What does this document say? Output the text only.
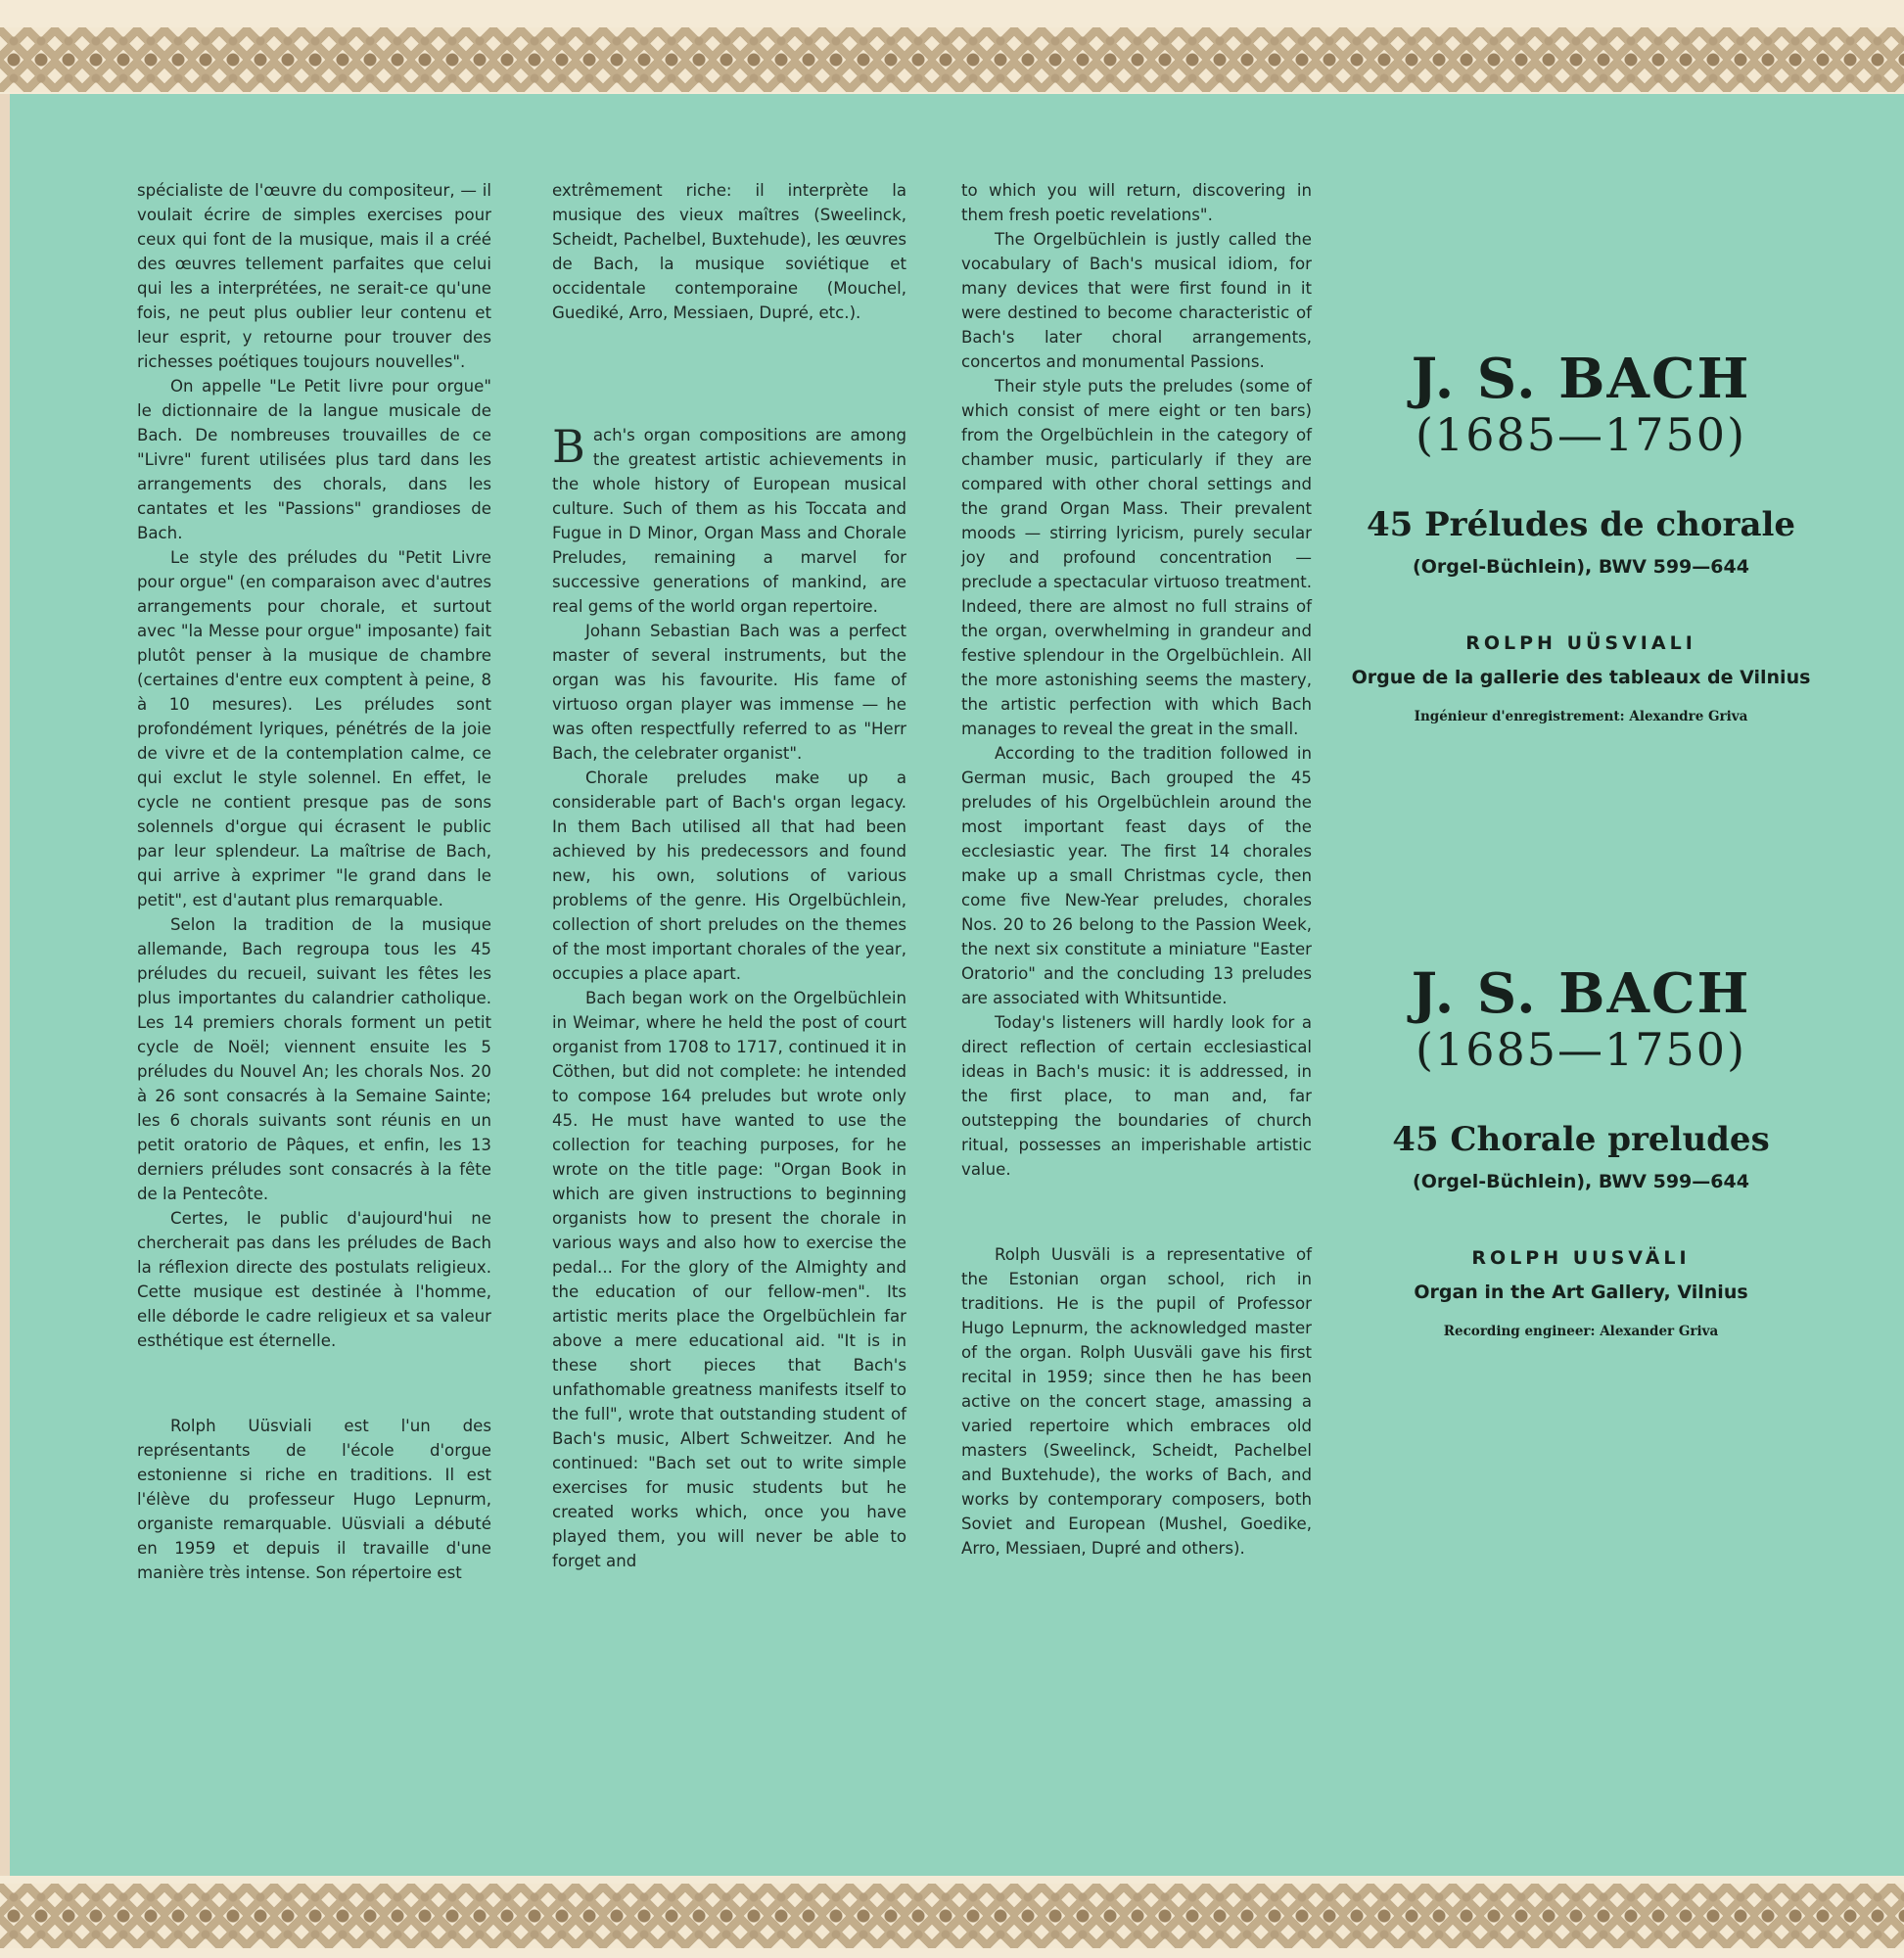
spécialiste de l'œuvre du compositeur, — il voulait écrire de simples exercises pour ceux qui font de la musique, mais il a créé des œuvres tellement parfaites que celui qui les a interprétées, ne serait-ce qu'une fois, ne peut plus oublier leur contenu et leur esprit, y retourne pour trouver des richesses poétiques toujours nouvelles".

On appelle "Le Petit livre pour orgue" le dictionnaire de la langue musicale de Bach. De nombreuses trouvailles de ce "Livre" furent utilisées plus tard dans les arrangements des chorals, dans les cantates et les "Passions" grandioses de Bach.

Le style des préludes du "Petit Livre pour orgue" (en comparaison avec d'autres arrangements pour chorale, et surtout avec "la Messe pour orgue" imposante) fait plutôt penser à la musique de chambre (certaines d'entre eux comptent à peine, 8 à 10 mesures). Les préludes sont profondément lyriques, pénétrés de la joie de vivre et de la contemplation calme, ce qui exclut le style solennel. En effet, le cycle ne contient presque pas de sons solennels d'orgue qui écrasent le public par leur splendeur. La maîtrise de Bach, qui arrive à exprimer "le grand dans le petit", est d'autant plus remarquable.

Selon la tradition de la musique allemande, Bach regroupa tous les 45 préludes du recueil, suivant les fêtes les plus importantes du calandrier catholique. Les 14 premiers chorals forment un petit cycle de Noël; viennent ensuite les 5 préludes du Nouvel An; les chorals Nos. 20 à 26 sont consacrés à la Semaine Sainte; les 6 chorals suivants sont réunis en un petit oratorio de Pâques, et enfin, les 13 derniers préludes sont consacrés à la fête de la Pentecôte.

Certes, le public d'aujourd'hui ne chercherait pas dans les préludes de Bach la réflexion directe des postulats religieux. Cette musique est destinée à l'homme, elle déborde le cadre religieux et sa valeur esthétique est éternelle.

Rolph Uüsviali est l'un des représentants de l'école d'orgue estonienne si riche en traditions. Il est l'élève du professeur Hugo Lepnurm, organiste remarquable. Uüsviali a débuté en 1959 et depuis il travaille d'une manière très intense. Son répertoire est

extrêmement riche: il interprète la musique des vieux maîtres (Sweelinck, Scheidt, Pachelbel, Buxtehude), les œuvres de Bach, la musique soviétique et occidentale contemporaine (Mouchel, Guediké, Arro, Messiaen, Dupré, etc.).

Bach's organ compositions are among the greatest artistic achievements in the whole history of European musical culture. Such of them as his Toccata and Fugue in D Minor, Organ Mass and Chorale Preludes, remaining a marvel for successive generations of mankind, are real gems of the world organ repertoire.

Johann Sebastian Bach was a perfect master of several instruments, but the organ was his favourite. His fame of virtuoso organ player was immense — he was often respectfully referred to as "Herr Bach, the celebrater organist".

Chorale preludes make up a considerable part of Bach's organ legacy. In them Bach utilised all that had been achieved by his predecessors and found new, his own, solutions of various problems of the genre. His Orgelbüchlein, collection of short preludes on the themes of the most important chorales of the year, occupies a place apart.

Bach began work on the Orgelbüchlein in Weimar, where he held the post of court organist from 1708 to 1717, continued it in Cöthen, but did not complete: he intended to compose 164 preludes but wrote only 45. He must have wanted to use the collection for teaching purposes, for he wrote on the title page: "Organ Book in which are given instructions to beginning organists how to present the chorale in various ways and also how to exercise the pedal... For the glory of the Almighty and the education of our fellow-men". Its artistic merits place the Orgelbüchlein far above a mere educational aid. "It is in these short pieces that Bach's unfathomable greatness manifests itself to the full", wrote that outstanding student of Bach's music, Albert Schweitzer. And he continued: "Bach set out to write simple exercises for music students but he created works which, once you have played them, you will never be able to forget and

to which you will return, discovering in them fresh poetic revelations".

The Orgelbüchlein is justly called the vocabulary of Bach's musical idiom, for many devices that were first found in it were destined to become characteristic of Bach's later choral arrangements, concertos and monumental Passions.

Their style puts the preludes (some of which consist of mere eight or ten bars) from the Orgelbüchlein in the category of chamber music, particularly if they are compared with other choral settings and the grand Organ Mass. Their prevalent moods — stirring lyricism, purely secular joy and profound concentration — preclude a spectacular virtuoso treatment. Indeed, there are almost no full strains of the organ, overwhelming in grandeur and festive splendour in the Orgelbüchlein. All the more astonishing seems the mastery, the artistic perfection with which Bach manages to reveal the great in the small.

According to the tradition followed in German music, Bach grouped the 45 preludes of his Orgelbüchlein around the most important feast days of the ecclesiastic year. The first 14 chorales make up a small Christmas cycle, then come five New-Year preludes, chorales Nos. 20 to 26 belong to the Passion Week, the next six constitute a miniature "Easter Oratorio" and the concluding 13 preludes are associated with Whitsuntide.

Today's listeners will hardly look for a direct reflection of certain ecclesiastical ideas in Bach's music: it is addressed, in the first place, to man and, far outstepping the boundaries of church ritual, possesses an imperishable artistic value.

Rolph Uusväli is a representative of the Estonian organ school, rich in traditions. He is the pupil of Professor Hugo Lepnurm, the acknowledged master of the organ. Rolph Uusväli gave his first recital in 1959; since then he has been active on the concert stage, amassing a varied repertoire which embraces old masters (Sweelinck, Scheidt, Pachelbel and Buxtehude), the works of Bach, and works by contemporary composers, both Soviet and European (Mushel, Goedike, Arro, Messiaen, Dupré and others).

J. S. BACH
(1685—1750)
45 Préludes de chorale
(Orgel-Büchlein), BWV 599—644
ROLPH UÜSVIALI
Orgue de la gallerie des tableaux de Vilnius
Ingénieur d'enregistrement: Alexandre Griva
J. S. BACH
(1685—1750)
45 Chorale preludes
(Orgel-Büchlein), BWV 599—644
ROLPH UUSVÄLI
Organ in the Art Gallery, Vilnius
Recording engineer: Alexander Griva
